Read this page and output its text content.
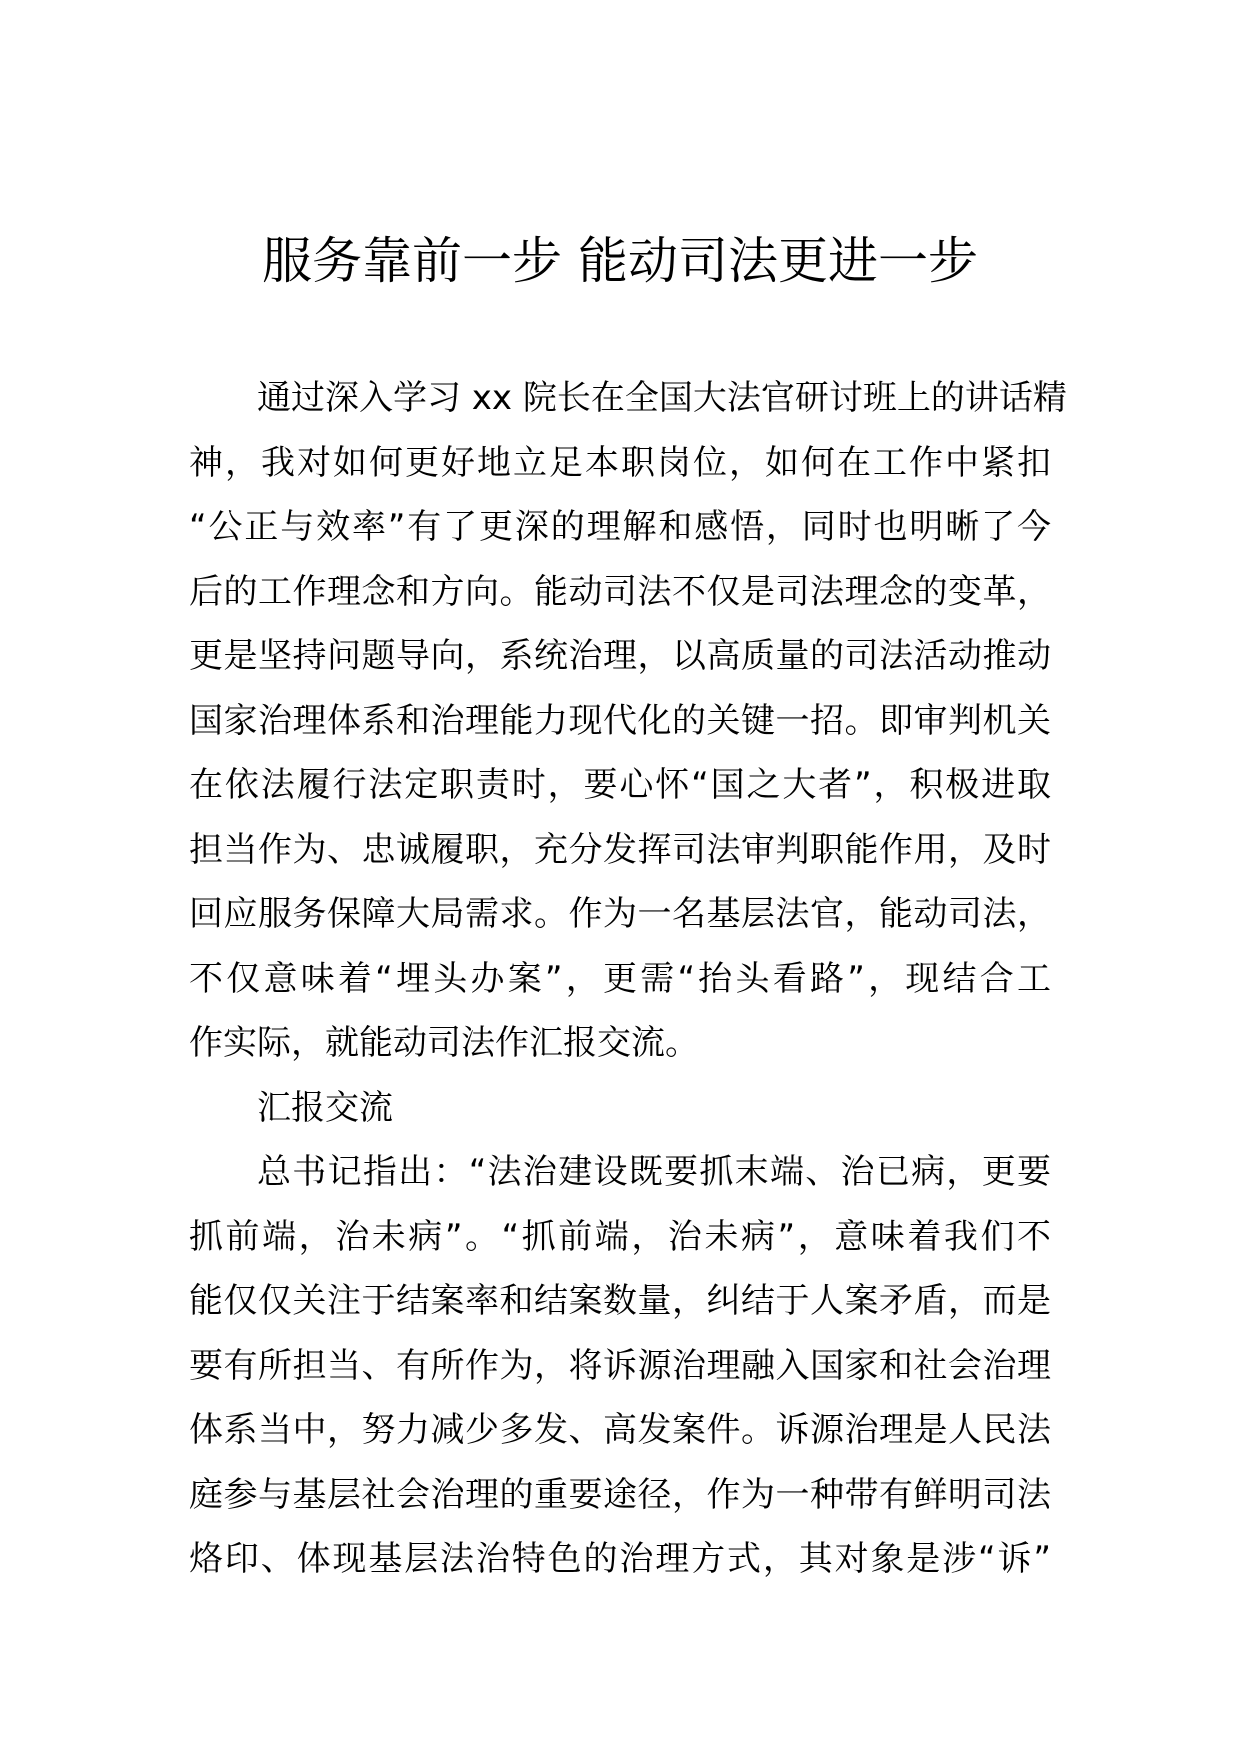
服务靠前一步 能动司法更进一步
通过深入学习 xx 院长在全国大法官研讨班上的讲话精
神，我对如何更好地立足本职岗位，如何在工作中紧扣
“公正与效率”有了更深的理解和感悟，同时也明晰了今
后的工作理念和方向。能动司法不仅是司法理念的变革，
更是坚持问题导向，系统治理，以高质量的司法活动推动
国家治理体系和治理能力现代化的关键一招。即审判机关
在依法履行法定职责时，要心怀“国之大者”，积极进取
担当作为、忠诚履职，充分发挥司法审判职能作用，及时
回应服务保障大局需求。作为一名基层法官，能动司法，
不仅意味着“埋头办案”，更需“抬头看路”，现结合工
作实际，就能动司法作汇报交流。
汇报交流
总书记指出：“法治建设既要抓末端、治已病，更要
抓前端，治未病”。“抓前端，治未病”，意味着我们不
能仅仅关注于结案率和结案数量，纠结于人案矛盾，而是
要有所担当、有所作为，将诉源治理融入国家和社会治理
体系当中，努力减少多发、高发案件。诉源治理是人民法
庭参与基层社会治理的重要途径，作为一种带有鲜明司法
烙印、体现基层法治特色的治理方式，其对象是涉“诉”
